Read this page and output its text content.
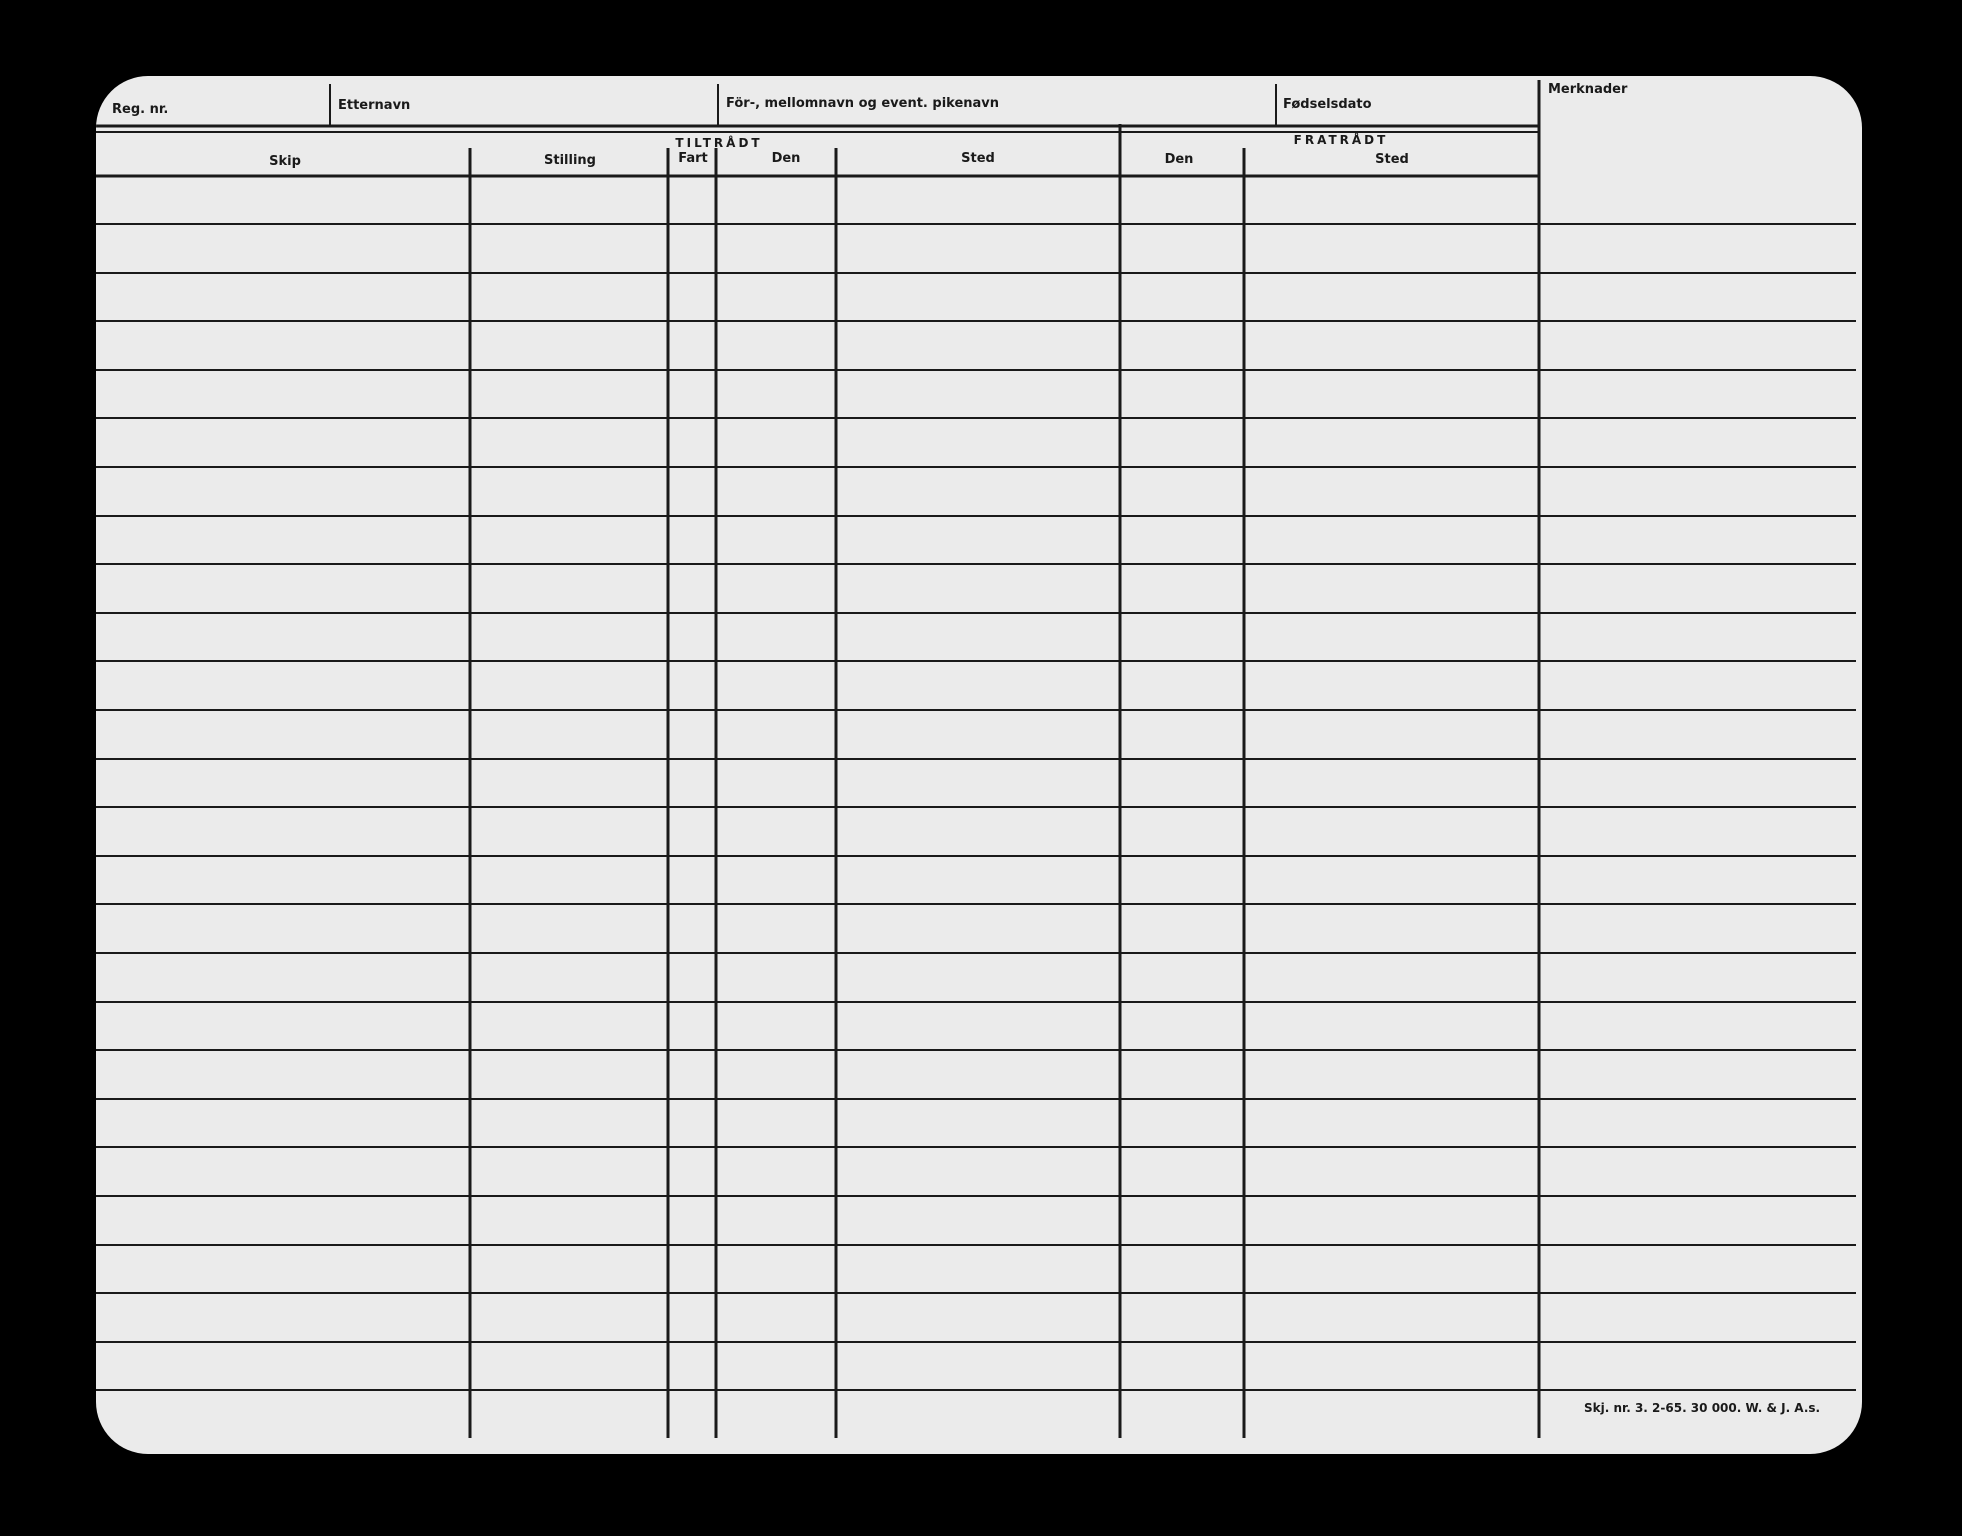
Reg. nr.	Etternavn	För-, mellomnavn og event. pikenavn	Fødselsdato
Merknader
TILTRÅDT	FRATRÅDT
Skip	Stilling	Fart	Den	Sted	Den	Sted
Skj. nr. 3. 2-65. 30 000. W. & J. A.s.
